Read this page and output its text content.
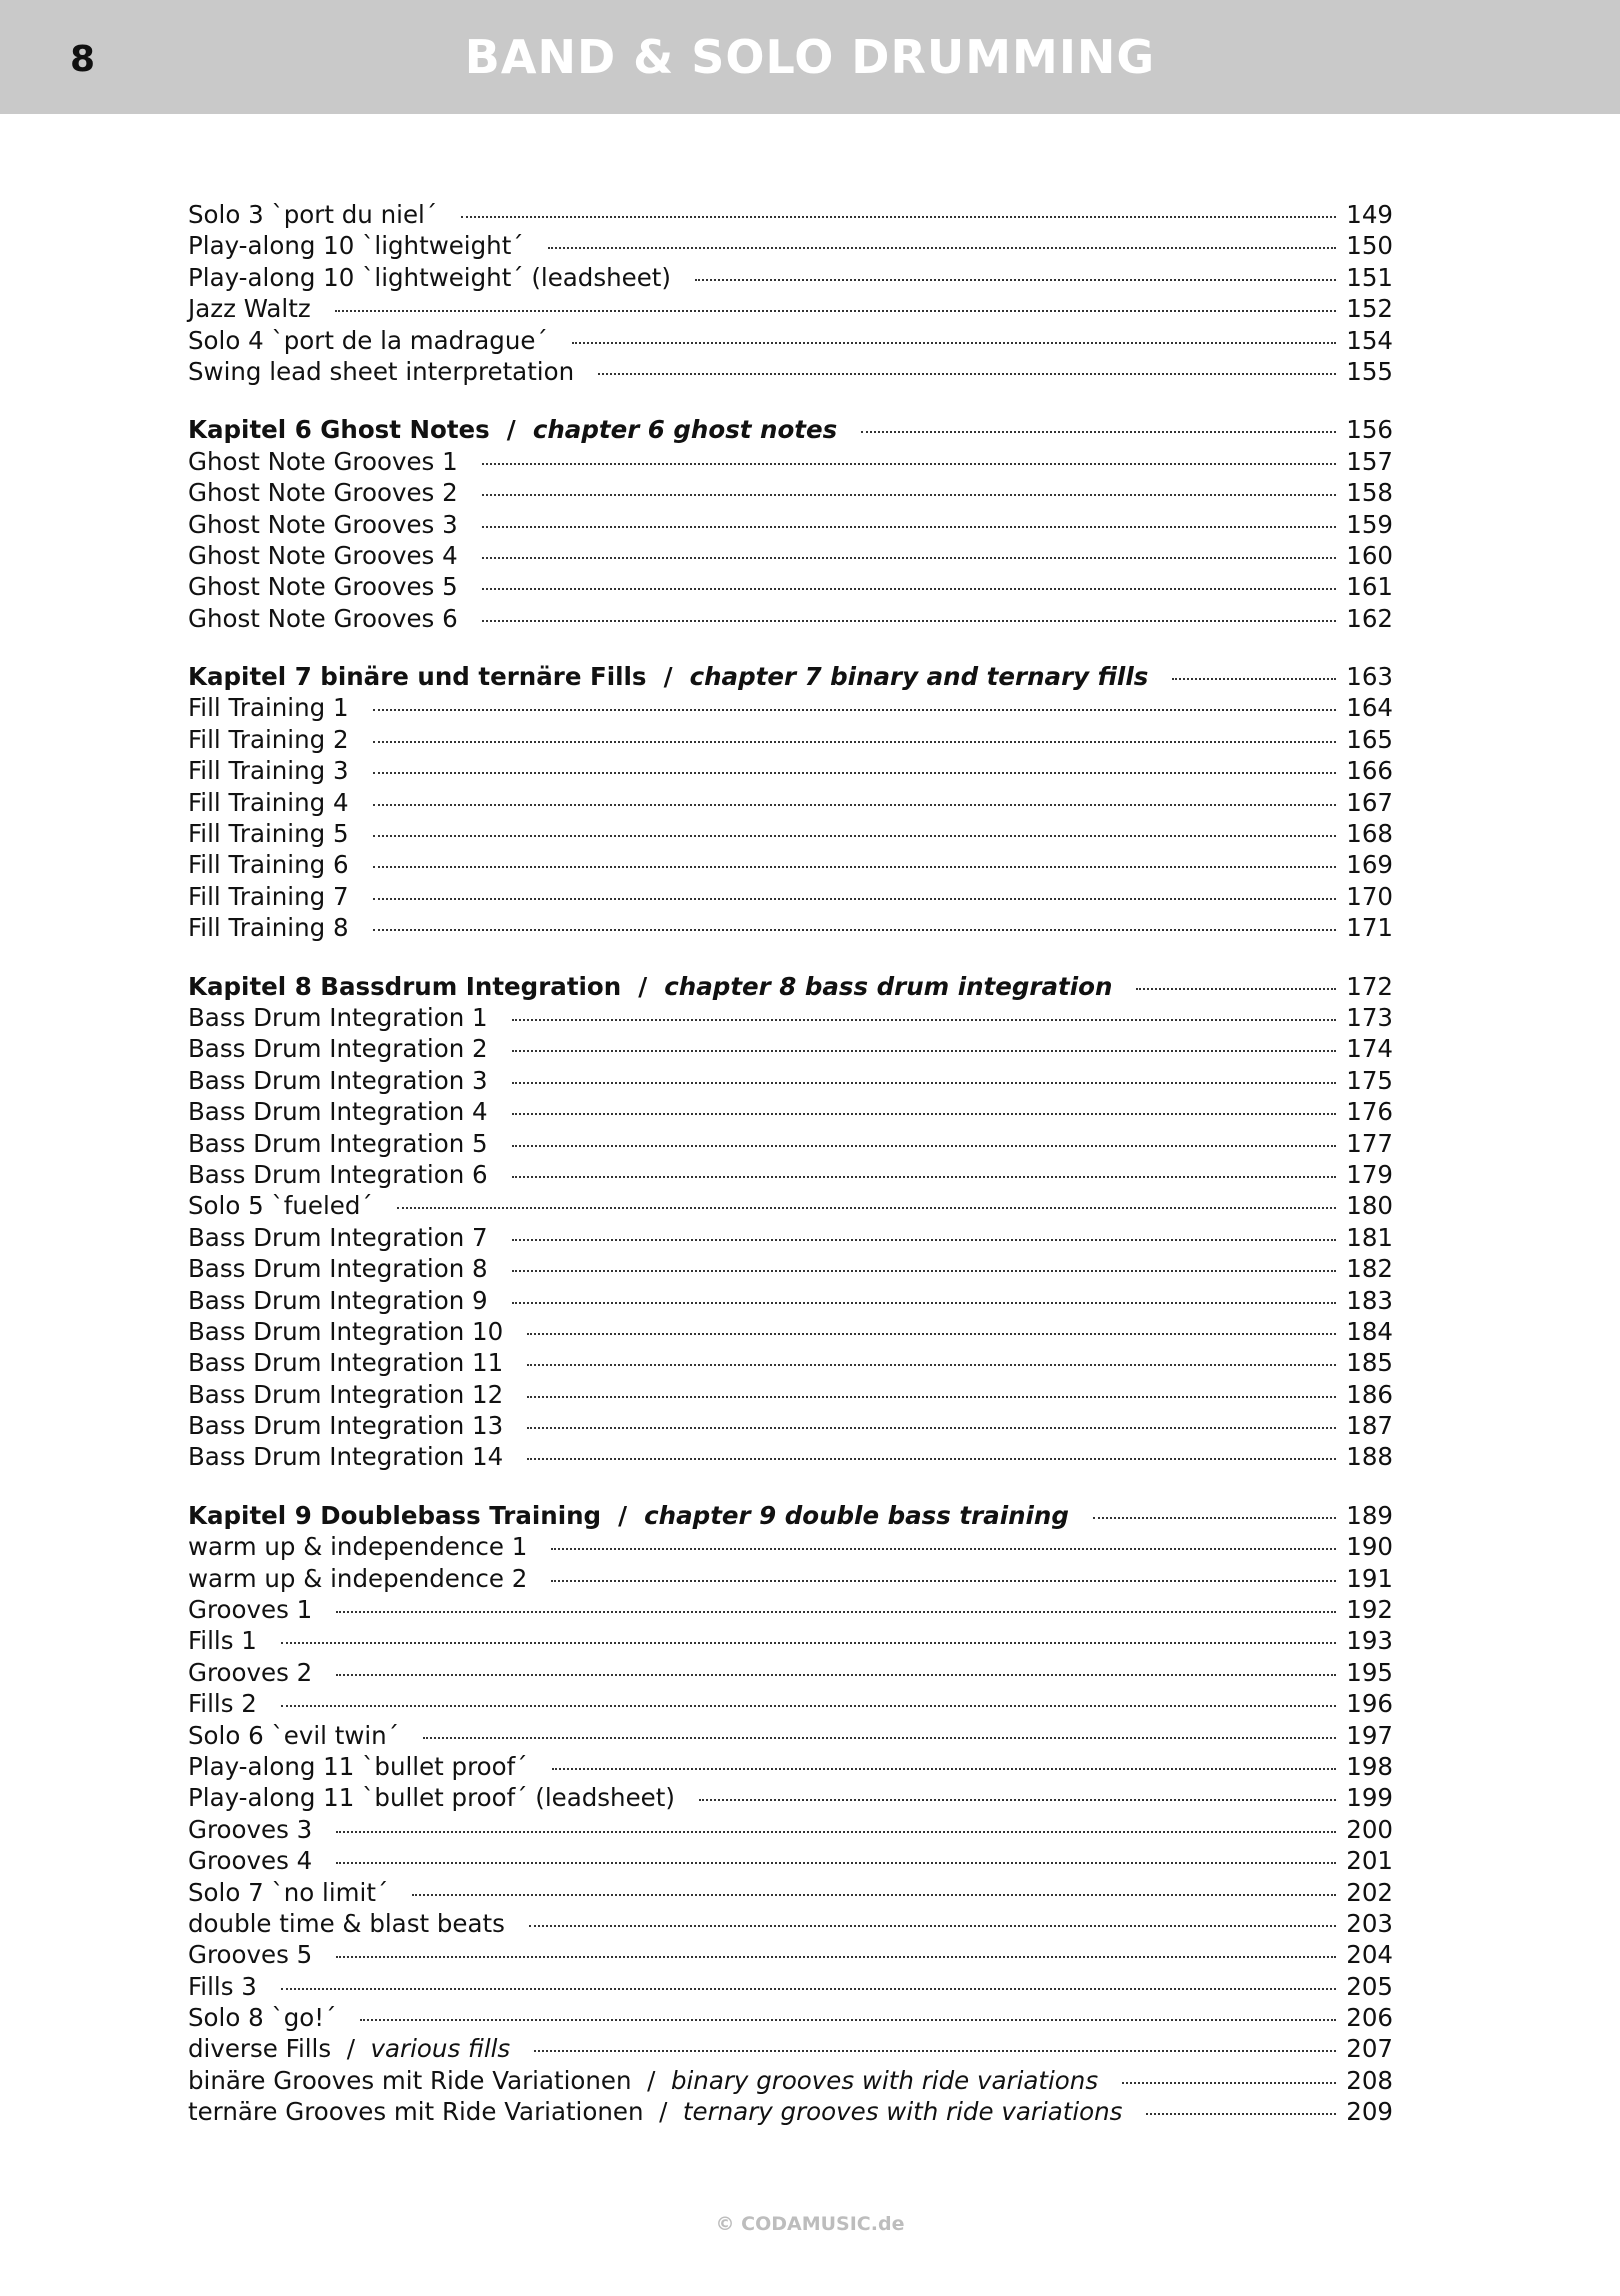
8	BAND & SOLO DRUMMING
Solo 3 `port du niel´	149
Play-along 10 `lightweight´	150
Play-along 10 `lightweight´ (leadsheet)	151
Jazz Waltz	152
Solo 4 `port de la madrague´	154
Swing lead sheet interpretation	155
Kapitel 6 Ghost Notes  /  chapter 6 ghost notes	156
Ghost Note Grooves 1	157
Ghost Note Grooves 2	158
Ghost Note Grooves 3	159
Ghost Note Grooves 4	160
Ghost Note Grooves 5	161
Ghost Note Grooves 6	162
Kapitel 7 binäre und ternäre Fills  /  chapter 7 binary and ternary fills	163
Fill Training 1	164
Fill Training 2	165
Fill Training 3	166
Fill Training 4	167
Fill Training 5	168
Fill Training 6	169
Fill Training 7	170
Fill Training 8	171
Kapitel 8 Bassdrum Integration  /  chapter 8 bass drum integration	172
Bass Drum Integration 1	173
Bass Drum Integration 2	174
Bass Drum Integration 3	175
Bass Drum Integration 4	176
Bass Drum Integration 5	177
Bass Drum Integration 6	179
Solo 5 `fueled´	180
Bass Drum Integration 7	181
Bass Drum Integration 8	182
Bass Drum Integration 9	183
Bass Drum Integration 10	184
Bass Drum Integration 11	185
Bass Drum Integration 12	186
Bass Drum Integration 13	187
Bass Drum Integration 14	188
Kapitel 9 Doublebass Training  /  chapter 9 double bass training	189
warm up & independence 1	190
warm up & independence 2	191
Grooves 1	192
Fills 1	193
Grooves 2	195
Fills 2	196
Solo 6 `evil twin´	197
Play-along 11 `bullet proof´	198
Play-along 11 `bullet proof´ (leadsheet)	199
Grooves 3	200
Grooves 4	201
Solo 7 `no limit´	202
double time & blast beats	203
Grooves 5	204
Fills 3	205
Solo 8 `go!´	206
diverse Fills  /  various fills	207
binäre Grooves mit Ride Variationen  /  binary grooves with ride variations	208
ternäre Grooves mit Ride Variationen  /  ternary grooves with ride variations	209
© CODAMUSIC.de
